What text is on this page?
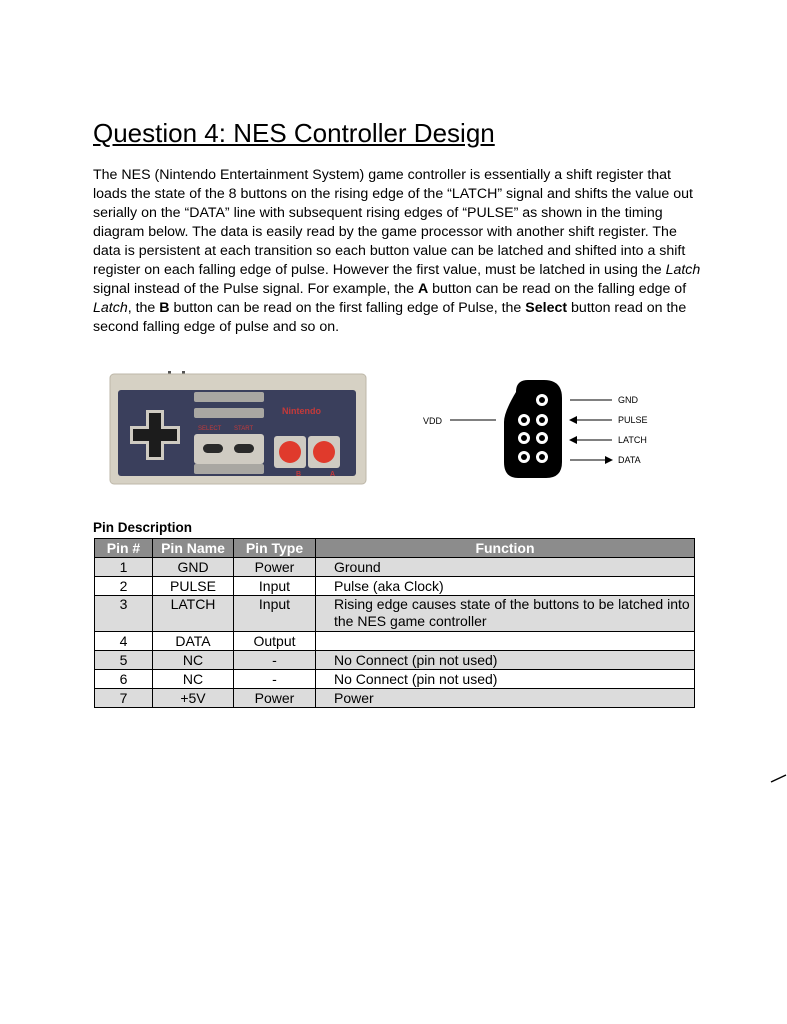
Question 4: NES Controller Design

The NES (Nintendo Entertainment System) game controller is essentially a shift register that loads the state of the 8 buttons on the rising edge of the “LATCH” signal and shifts the value out serially on the “DATA” line with subsequent rising edges of “PULSE” as shown in the timing diagram below. The data is easily read by the game processor with another shift register. The data is persistent at each transition so each button value can be latched and shifted into a shift register on each falling edge of pulse. However the first value, must be latched in using the Latch signal instead of the Pulse signal. For example, the A button can be read on the falling edge of Latch, the B button can be read on the first falling edge of Pulse, the Select button read on the second falling edge of pulse and so on.

SELECT START
Nintendo
B	A
VDD
GND
PULSE
LATCH
DATA

Pin Description

Pin #	Pin Name	Pin Type	Function
1	GND	Power	Ground
2	PULSE	Input	Pulse (aka Clock)
3	LATCH	Input	Rising edge causes state of the buttons to be latched into the NES game controller
4	DATA	Output	
5	NC	-	No Connect (pin not used)
6	NC	-	No Connect (pin not used)
7	+5V	Power	Power
